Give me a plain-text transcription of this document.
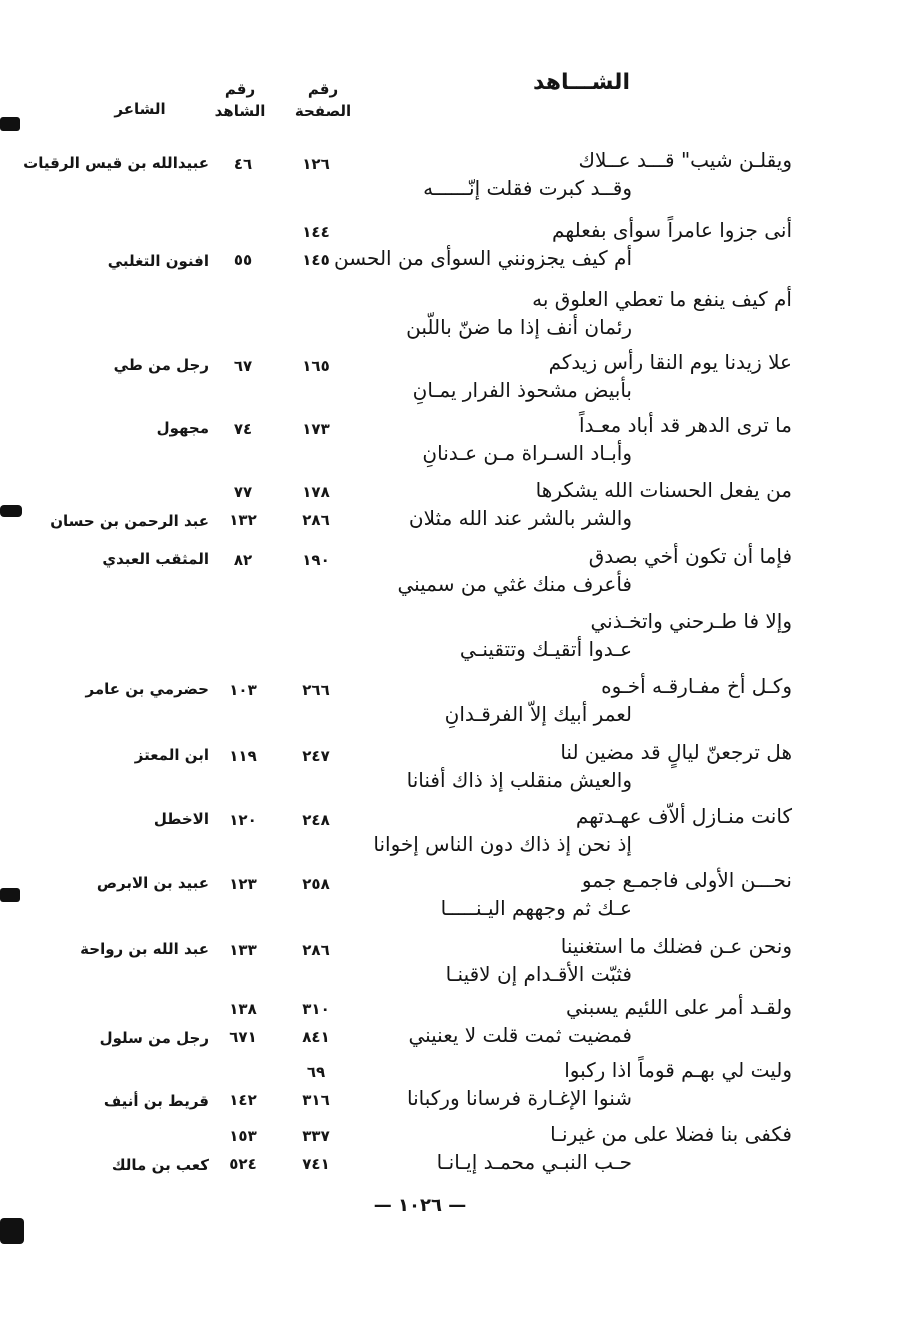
الشـــاهد
رقم
الصفحة
رقم
الشاهد
الشاعر
ويقلـن شيب" قـــد عــلاك
وقــد كبرت فقلت إنّــــــه
١٢٦
٤٦
عبيدالله بن قيس الرقيات
أنى جزوا عامراً سوأى بفعلهم
أم كيف يجزونني السوأى من الحسن
١٤٤
١٤٥
٥٥
افنون التغلبي
أم كيف ينفع ما تعطي العلوق به
رئمان أنف إذا ما ضنّ باللّبن
علا زيدنا يوم النقا رأس زيدكم
بأبيض مشحوذ الفرار يمـانِ
١٦٥
٦٧
رجل من طي
ما ترى الدهر قد أباد معـداً
وأبـاد السـراة مـن عـدنانِ
١٧٣
٧٤
مجهول
من يفعل الحسنات الله يشكرها
والشر بالشر عند الله مثلان
١٧٨
٢٨٦
٧٧
١٣٢
عبد الرحمن بن حسان
فإما أن تكون أخي بصدق
فأعرف منك غثي من سميني
١٩٠
٨٢
المثقب العبدي
وإلا فا طـرحني واتخـذني
عـدوا أتقيـك وتتقينـي
وكـل أخ مفـارقـه أخـوه
لعمر أبيك إلاّ الفرقـدانِ
٢٦٦
١٠٣
حضرمي بن عامر
هل ترجعنّ ليالٍ قد مضين لنا
والعيش منقلب إذ ذاك أفنانا
٢٤٧
١١٩
ابن المعتز
كانت منـازل ألاّف عهـدتهم
إذ نحن إذ ذاك دون الناس إخوانا
٢٤٨
١٢٠
الاخطل
نحـــن الأولى فاجمـع جمو
عـك ثم وجههم اليـنـــــا
٢٥٨
١٢٣
عبيد بن الابرص
ونحن عـن فضلك ما استغنينا
فثبّت الأقـدام إن لاقينـا
٢٨٦
١٣٣
عبد الله بن رواحة
ولقـد أمر على اللئيم يسبني
فمضيت ثمت قلت لا يعنيني
٣١٠
٨٤١
١٣٨
٦٧١
رجل من سلول
وليت لي بهـم قوماً اذا ركبوا
شنوا الإغـارة فرسانا وركبانا
٦٩
٣١٦
١٤٢
قريط بن أنيف
فكفى بنا فضلا على من غيرنـا
حـب النبـي محمـد إيـانـا
٣٣٧
٧٤١
١٥٣
٥٢٤
كعب بن مالك
— ١٠٢٦ —
